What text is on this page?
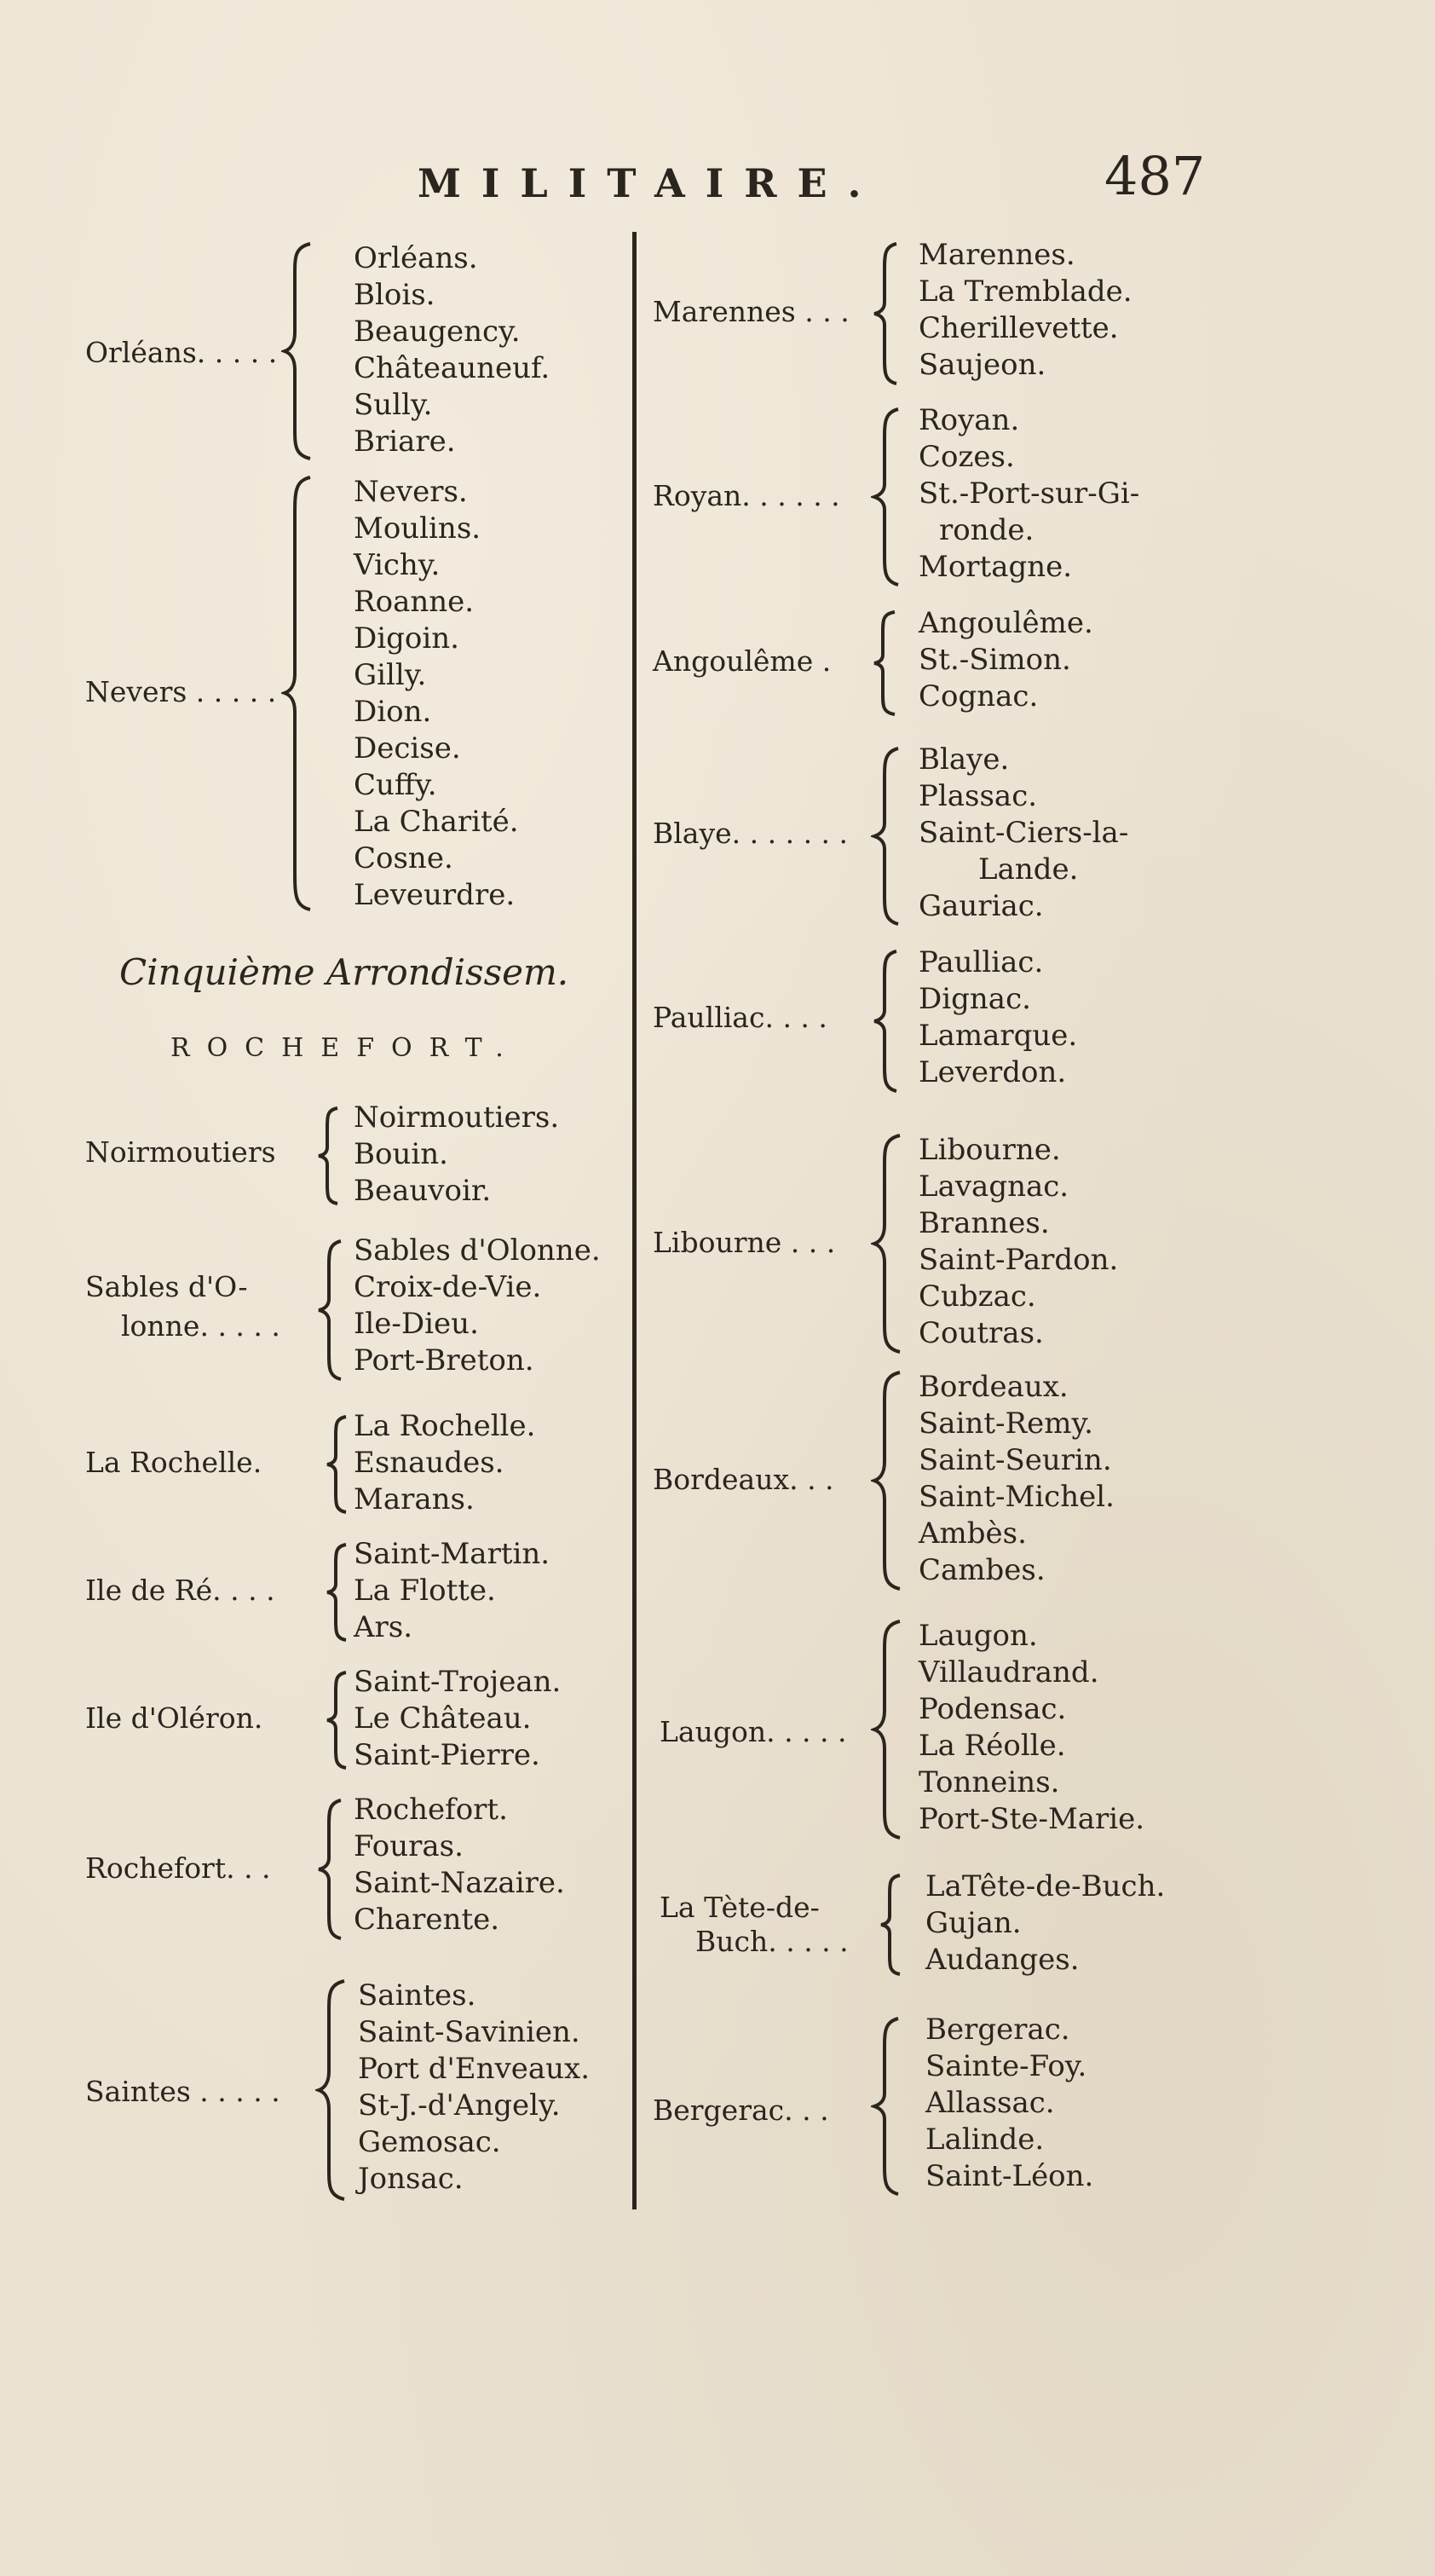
MILITAIRE.	487
Orléans. . . . .
Orléans.
Blois.
Beaugency.
Châteauneuf.
Sully.
Briare.
Nevers . . . . .
Nevers.
Moulins.
Vichy.
Roanne.
Digoin.
Gilly.
Dion.
Decise.
Cuffy.
La Charité.
Cosne.
Leveurdre.
Cinquième Arrondissem.
ROCHEFORT.
Noirmoutiers
Noirmoutiers.
Bouin.
Beauvoir.
Sables d'O-
lonne. . . . .
Sables d'Olonne.
Croix-de-Vie.
Ile-Dieu.
Port-Breton.
La Rochelle.
La Rochelle.
Esnaudes.
Marans.
Ile de Ré. . . .
Saint-Martin.
La Flotte.
Ars.
Ile d'Oléron.
Saint-Trojean.
Le Château.
Saint-Pierre.
Rochefort. . .
Rochefort.
Fouras.
Saint-Nazaire.
Charente.
Saintes . . . . .
Saintes.
Saint-Savinien.
Port d'Enveaux.
St-J.-d'Angely.
Gemosac.
Jonsac.
Marennes . . .
Marennes.
La Tremblade.
Cherillevette.
Saujeon.
Royan. . . . . .
Royan.
Cozes.
St.-Port-sur-Gi-
ronde.
Mortagne.
Angoulême .
Angoulême.
St.-Simon.
Cognac.
Blaye. . . . . . .
Blaye.
Plassac.
Saint-Ciers-la-
Lande.
Gauriac.
Paulliac. . . .
Paulliac.
Dignac.
Lamarque.
Leverdon.
Libourne . . .
Libourne.
Lavagnac.
Brannes.
Saint-Pardon.
Cubzac.
Coutras.
Bordeaux. . .
Bordeaux.
Saint-Remy.
Saint-Seurin.
Saint-Michel.
Ambès.
Cambes.
Laugon. . . . .
Laugon.
Villaudrand.
Podensac.
La Réolle.
Tonneins.
Port-Ste-Marie.
La Tète-de-
Buch. . . . .
LaTête-de-Buch.
Gujan.
Audanges.
Bergerac. . .
Bergerac.
Sainte-Foy.
Allassac.
Lalinde.
Saint-Léon.
